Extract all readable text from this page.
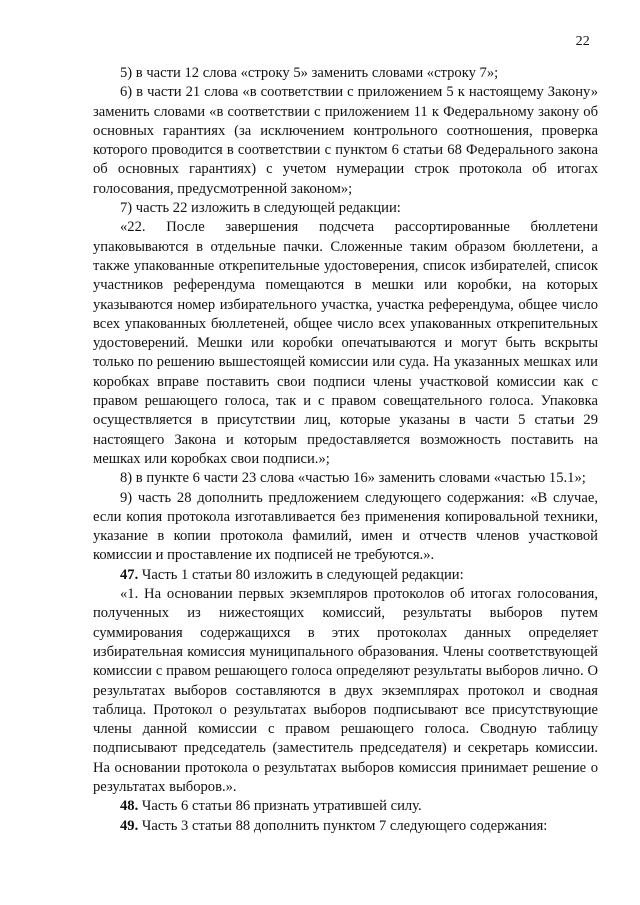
22

5) в части 12 слова «строку 5» заменить словами «строку 7»;

6) в части 21 слова «в соответствии с приложением 5 к настоящему Закону» заменить словами «в соответствии с приложением 11 к Федеральному закону об основных гарантиях (за исключением контрольного соотношения, проверка которого проводится в соответствии с пунктом 6 статьи 68 Федерального закона об основных гарантиях) с учетом нумерации строк протокола об итогах голосования, предусмотренной законом»;

7) часть 22 изложить в следующей редакции:

«22. После завершения подсчета рассортированные бюллетени упаковываются в отдельные пачки. Сложенные таким образом бюллетени, а также упакованные открепительные удостоверения, список избирателей, список участников референдума помещаются в мешки или коробки, на которых указываются номер избирательного участка, участка референдума, общее число всех упакованных бюллетеней, общее число всех упакованных открепительных удостоверений. Мешки или коробки опечатываются и могут быть вскрыты только по решению вышестоящей комиссии или суда. На указанных мешках или коробках вправе поставить свои подписи члены участковой комиссии как с правом решающего голоса, так и с правом совещательного голоса. Упаковка осуществляется в присутствии лиц, которые указаны в части 5 статьи 29 настоящего Закона и которым предоставляется возможность поставить на мешках или коробках свои подписи.»;

8) в пункте 6 части 23 слова «частью 16» заменить словами «частью 15.1»;

9) часть 28 дополнить предложением следующего содержания: «В случае, если копия протокола изготавливается без применения копировальной техники, указание в копии протокола фамилий, имен и отчеств членов участковой комиссии и проставление их подписей не требуются.».

47. Часть 1 статьи 80 изложить в следующей редакции:

«1. На основании первых экземпляров протоколов об итогах голосования, полученных из нижестоящих комиссий, результаты выборов путем суммирования содержащихся в этих протоколах данных определяет избирательная комиссия муниципального образования. Члены соответствующей комиссии с правом решающего голоса определяют результаты выборов лично. О результатах выборов составляются в двух экземплярах протокол и сводная таблица. Протокол о результатах выборов подписывают все присутствующие члены данной комиссии с правом решающего голоса. Сводную таблицу подписывают председатель (заместитель председателя) и секретарь комиссии. На основании протокола о результатах выборов комиссия принимает решение о результатах выборов.».

48. Часть 6 статьи 86 признать утратившей силу.

49. Часть 3 статьи 88 дополнить пунктом 7 следующего содержания:
